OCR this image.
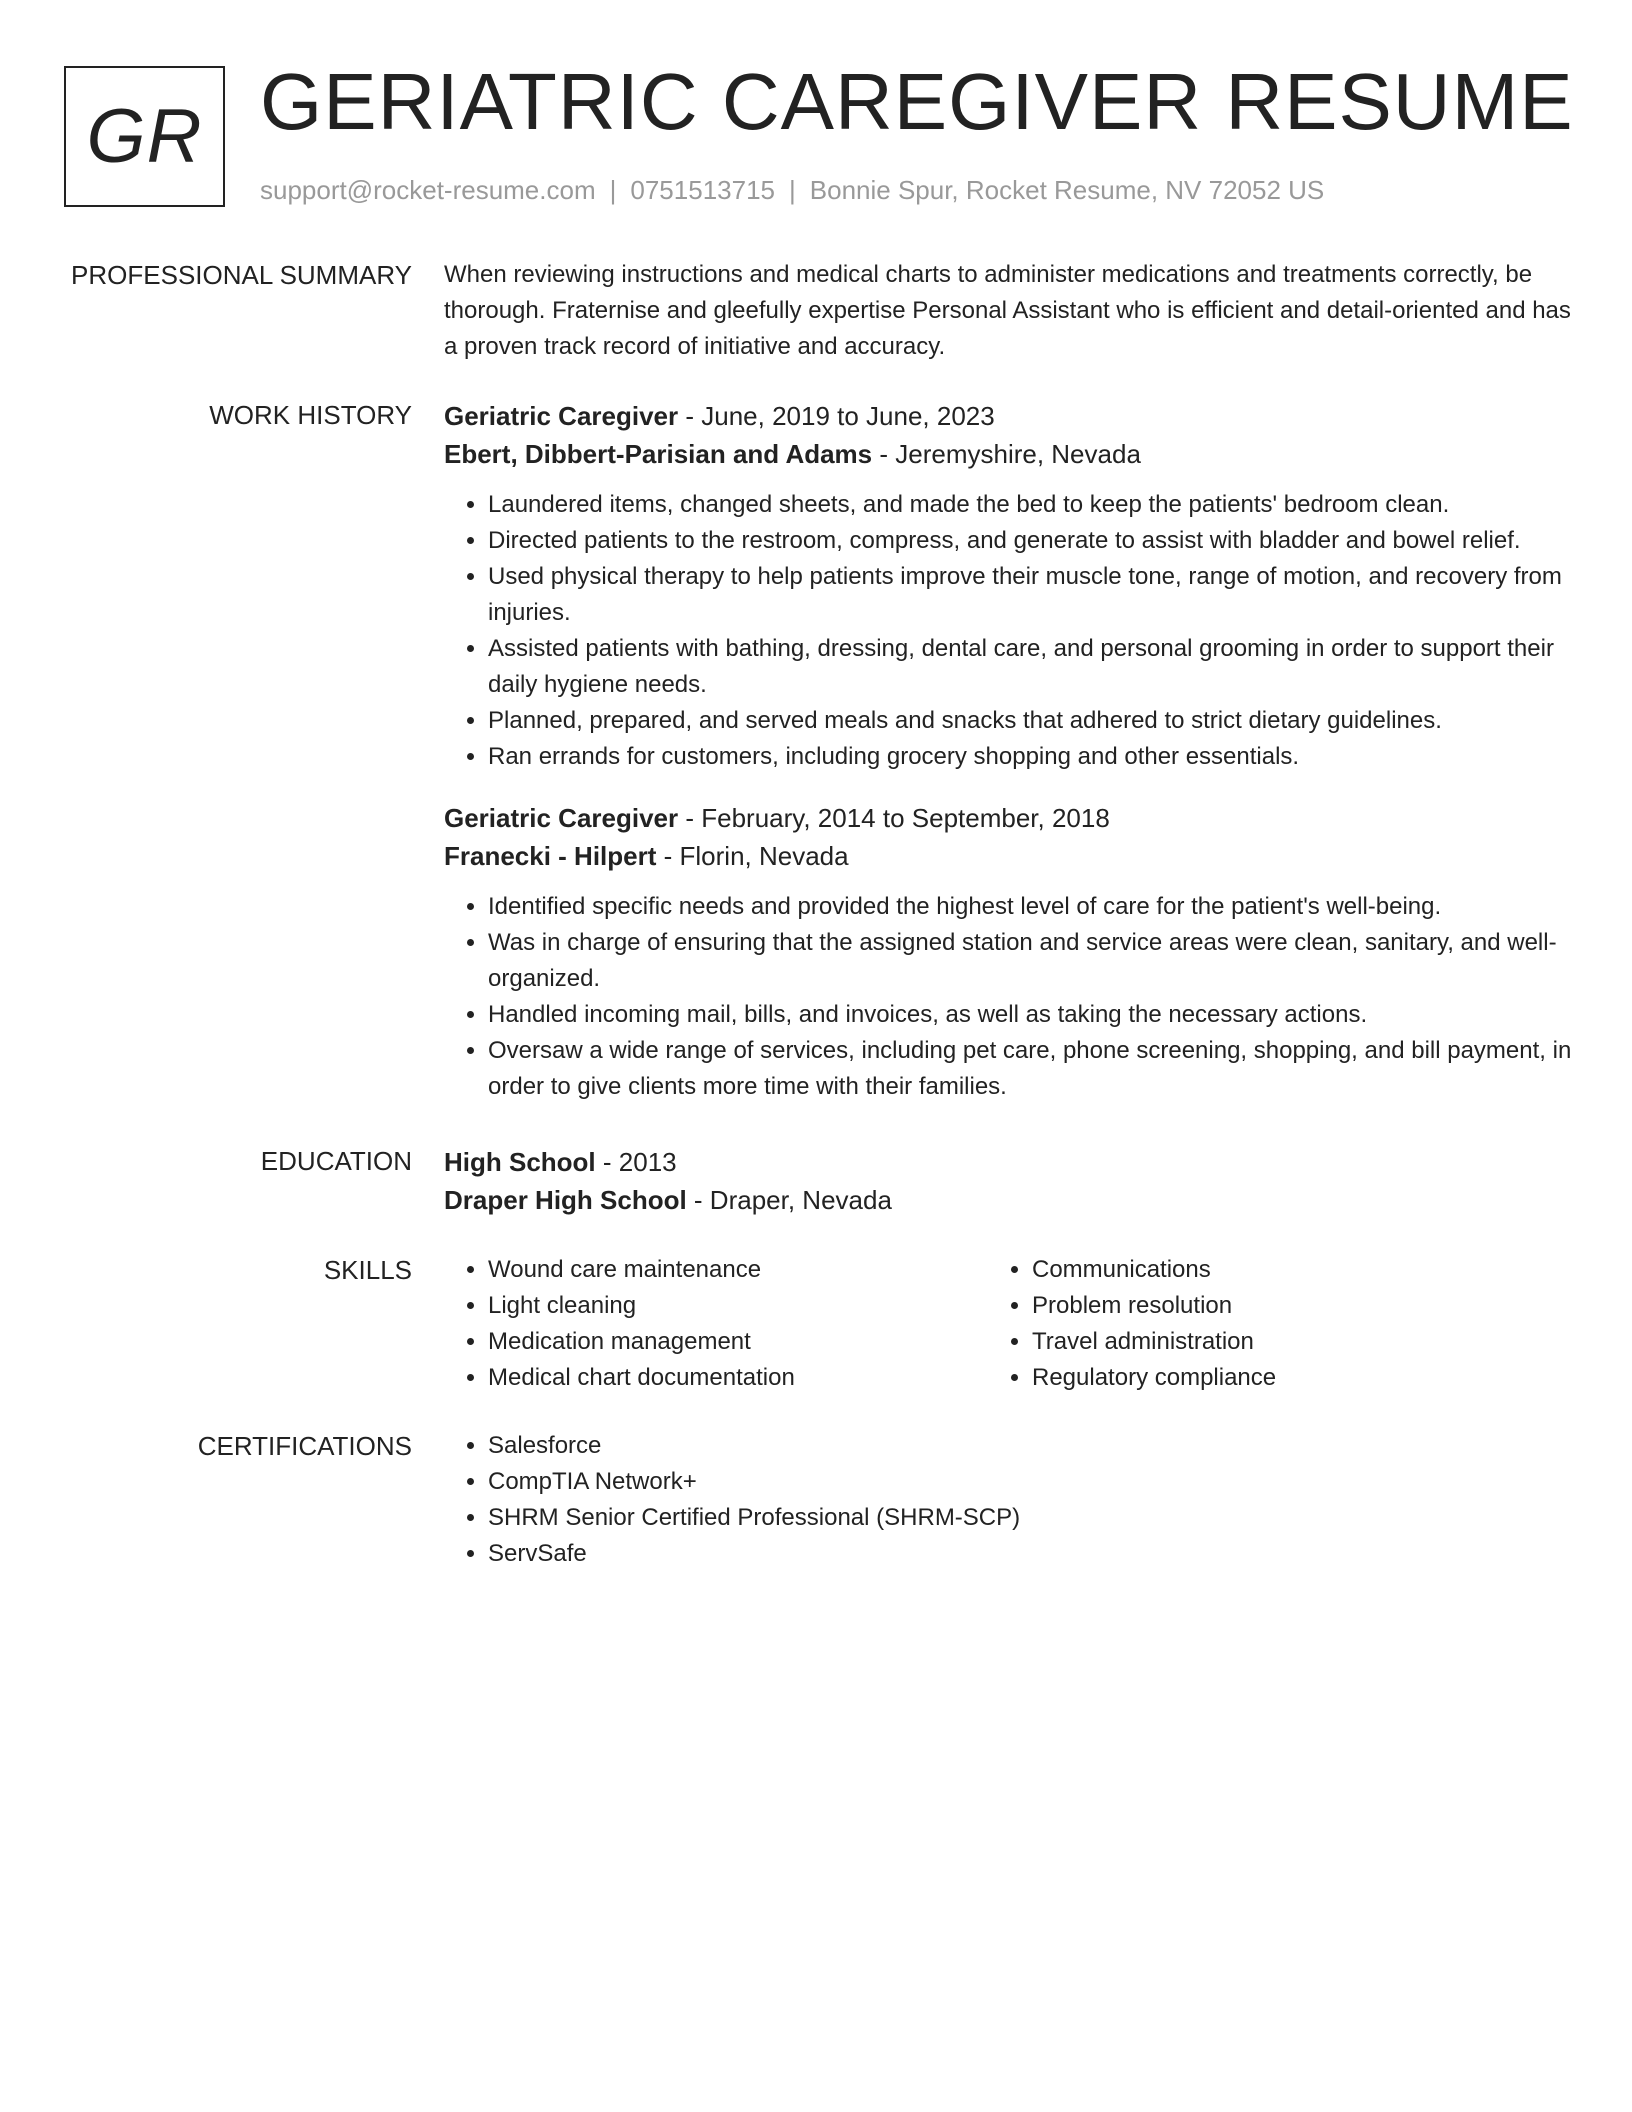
GR GERIATRIC CAREGIVER RESUME
support@rocket-resume.com | 0751513715 | Bonnie Spur, Rocket Resume, NV 72052 US
PROFESSIONAL SUMMARY When reviewing instructions and medical charts to administer medications and treatments correctly, be thorough. Fraternise and gleefully expertise Personal Assistant who is efficient and detail-oriented and has a proven track record of initiative and accuracy.

WORK HISTORY Geriatric Caregiver - June, 2019 to June, 2023
Ebert, Dibbert-Parisian and Adams - Jeremyshire, Nevada
• Laundered items, changed sheets, and made the bed to keep the patients' bedroom clean.
• Directed patients to the restroom, compress, and generate to assist with bladder and bowel relief.
• Used physical therapy to help patients improve their muscle tone, range of motion, and recovery from injuries.
• Assisted patients with bathing, dressing, dental care, and personal grooming in order to support their daily hygiene needs.
• Planned, prepared, and served meals and snacks that adhered to strict dietary guidelines.
• Ran errands for customers, including grocery shopping and other essentials.
Geriatric Caregiver - February, 2014 to September, 2018
Franecki - Hilpert - Florin, Nevada
• Identified specific needs and provided the highest level of care for the patient's well-being.
• Was in charge of ensuring that the assigned station and service areas were clean, sanitary, and well-organized.
• Handled incoming mail, bills, and invoices, as well as taking the necessary actions.
• Oversaw a wide range of services, including pet care, phone screening, shopping, and bill payment, in order to give clients more time with their families.
EDUCATION High School - 2013
Draper High School - Draper, Nevada
SKILLS	• Wound care maintenance
• Light cleaning
• Medication management
• Medical chart documentation
• Communications
• Problem resolution
• Travel administration
• Regulatory compliance
CERTIFICATIONS	• Salesforce
• CompTIA Network+
• SHRM Senior Certified Professional (SHRM-SCP)
• ServSafe
